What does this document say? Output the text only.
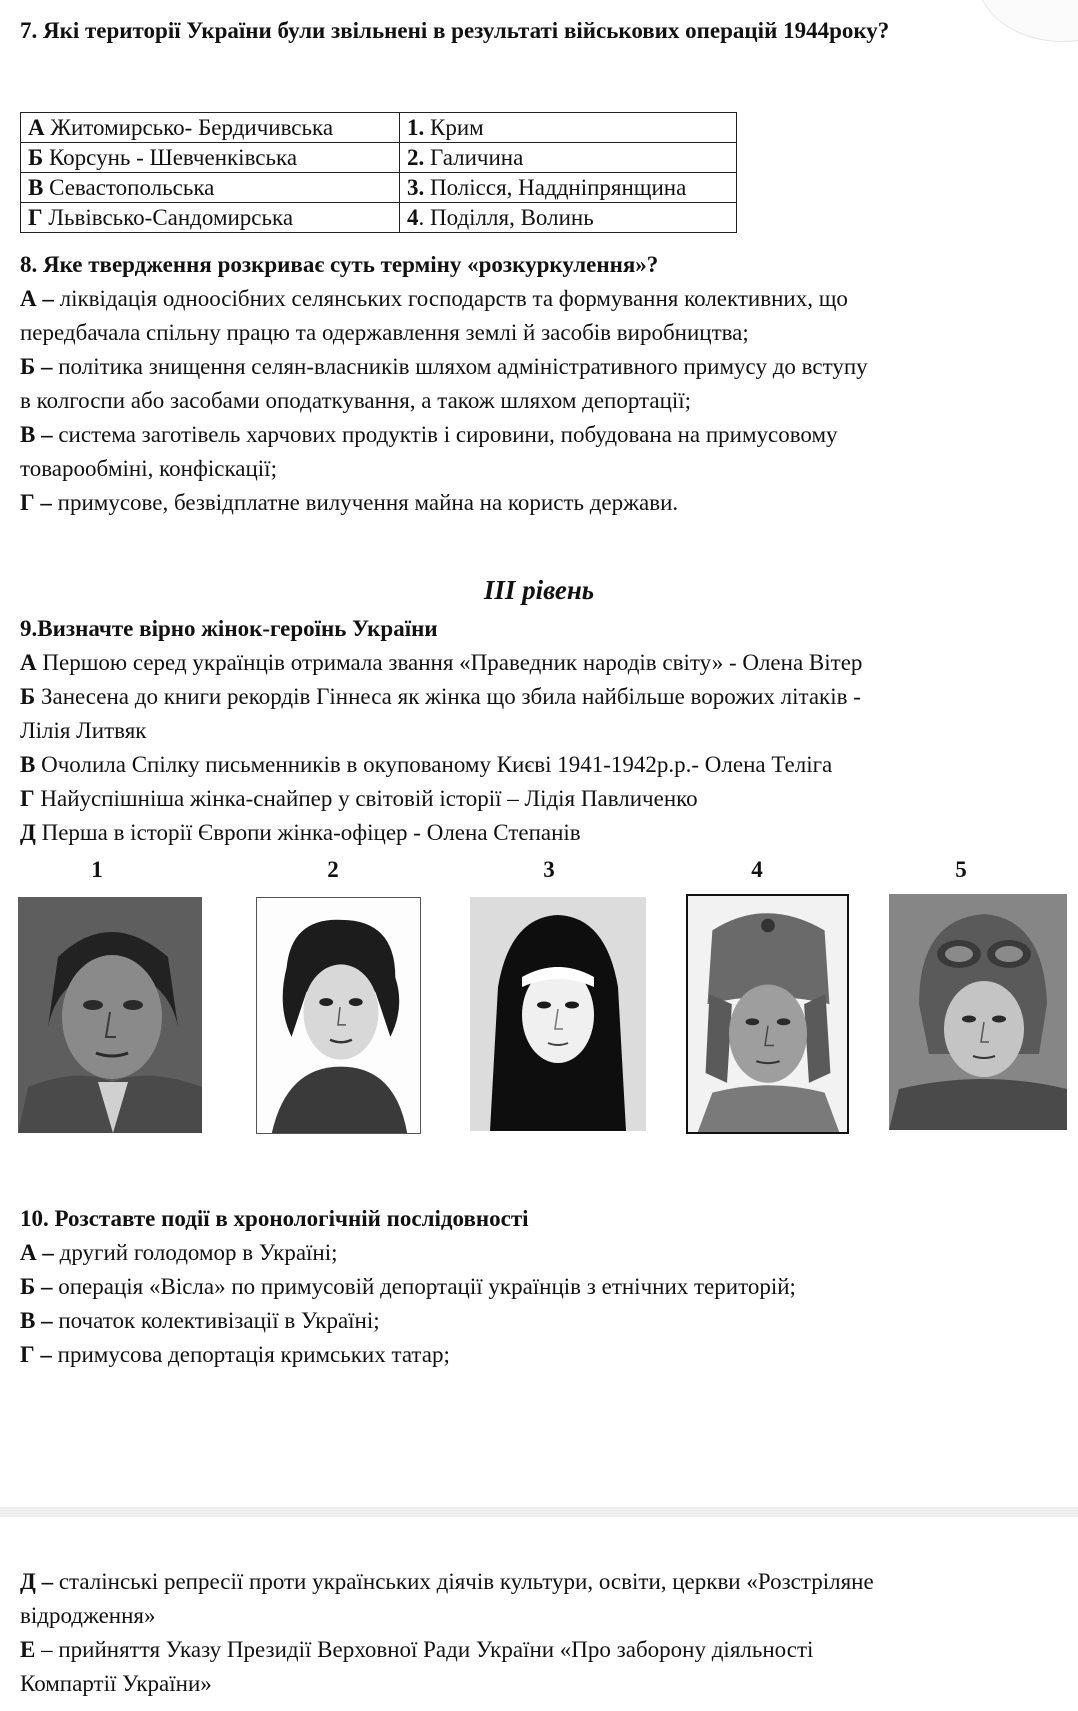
7. Які території України були звільнені в результаті військових операцій 1944року?
А Житомирсько- Бердичивська	1. Крим
Б Корсунь - Шевченківська	2. Галичина
В Севастопольська	3. Полісся, Наддніпрянщина
Г Львівсько-Сандомирська	4. Поділля, Волинь
8. Яке твердження розкриває суть терміну «розкуркулення»?
А – ліквідація одноосібних селянських господарств та формування колективних, що
передбачала спільну працю та одержавлення землі й засобів виробництва;
Б – політика знищення селян-власників шляхом адміністративного примусу до вступу
в колгоспи або засобами оподаткування, а також шляхом депортації;
В – система заготівель харчових продуктів і сировини, побудована на примусовому
товарообміні, конфіскації;
Г – примусове, безвідплатне вилучення майна на користь держави.
ІІІ рівень
9.Визначте вірно жінок-героїнь України
А Першою серед українців отримала звання «Праведник народів світу» - Олена Вітер
Б Занесена до книги рекордів Гіннеса як жінка що збила найбільше ворожих літаків -
Лілія Литвяк
В Очолила Спілку письменників в окупованому Києві 1941-1942р.р.- Олена Теліга
Г Найуспішніша жінка-снайпер у світовій історії – Лідія Павличенко
Д Перша в історії Європи жінка-офіцер - Олена Степанів
1	2	3	4	5
10. Розставте події в хронологічній послідовності
А – другий голодомор в Україні;
Б – операція «Вісла» по примусовій депортації українців з етнічних територій;
В – початок колективізації в Україні;
Г – примусова депортація кримських татар;
Д – сталінські репресії проти українських діячів культури, освіти, церкви «Розстріляне
відродження»
Е – прийняття Указу Президії Верховної Ради України «Про заборону діяльності
Компартії України»
